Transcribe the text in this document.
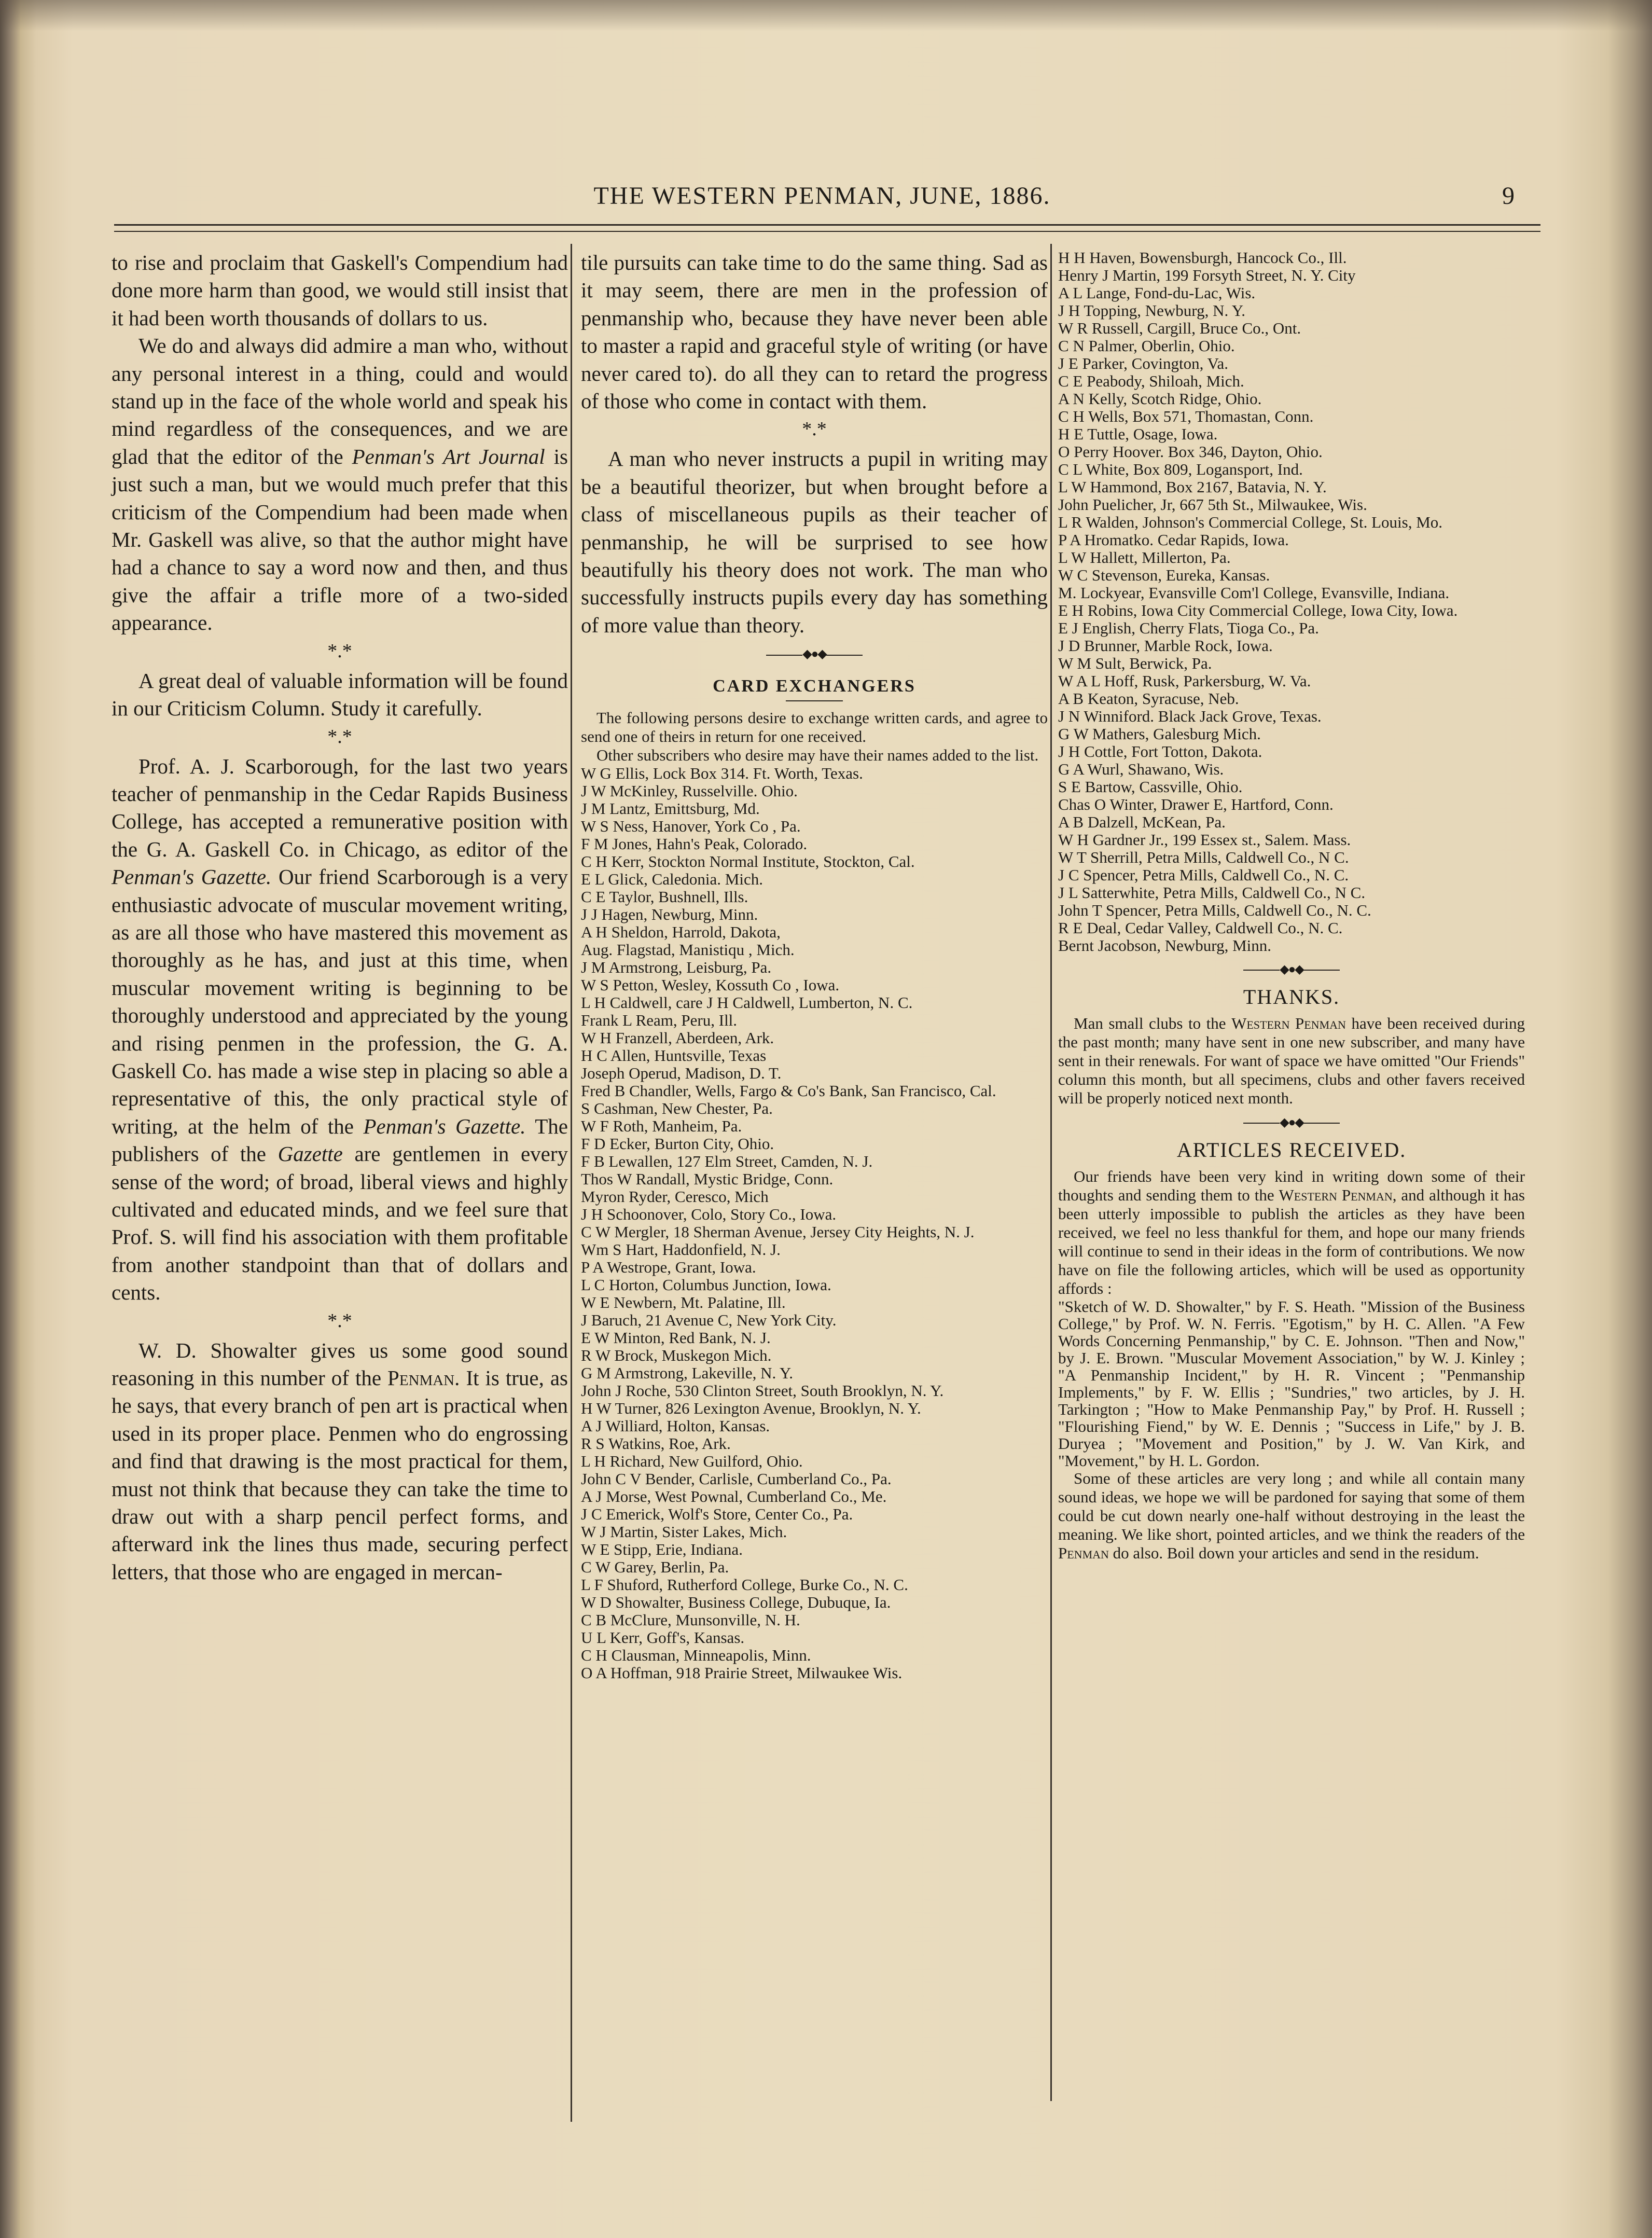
THE WESTERN PENMAN, JUNE, 1886.	9

to rise and proclaim that Gaskell's Compendium had done more harm than good, we would still insist that it had been worth thousands of dollars to us.

We do and always did admire a man who, without any personal interest in a thing, could and would stand up in the face of the whole world and speak his mind regardless of the consequences, and we are glad that the editor of the Penman's Art Journal is just such a man, but we would much prefer that this criticism of the Compendium had been made when Mr. Gaskell was alive, so that the author might have had a chance to say a word now and then, and thus give the affair a trifle more of a two-sided appearance.

*.*

A great deal of valuable information will be found in our Criticism Column. Study it carefully.

*.*

Prof. A. J. Scarborough, for the last two years teacher of penmanship in the Cedar Rapids Business College, has accepted a remunerative position with the G. A. Gaskell Co. in Chicago, as editor of the Penman's Gazette. Our friend Scarborough is a very enthusiastic advocate of muscular movement writing, as are all those who have mastered this movement as thoroughly as he has, and just at this time, when muscular movement writing is beginning to be thoroughly understood and appreciated by the young and rising penmen in the profession, the G. A. Gaskell Co. has made a wise step in placing so able a representative of this, the only practical style of writing, at the helm of the Penman's Gazette. The publishers of the Gazette are gentlemen in every sense of the word; of broad, liberal views and highly cultivated and educated minds, and we feel sure that Prof. S. will find his association with them profitable from another standpoint than that of dollars and cents.

*.*

W. D. Showalter gives us some good sound reasoning in this number of the Penman. It is true, as he says, that every branch of pen art is practical when used in its proper place. Penmen who do engrossing and find that drawing is the most practical for them, must not think that because they can take the time to draw out with a sharp pencil perfect forms, and afterward ink the lines thus made, securing perfect letters, that those who are engaged in mercan-

tile pursuits can take time to do the same thing. Sad as it may seem, there are men in the profession of penmanship who, because they have never been able to master a rapid and graceful style of writing (or have never cared to). do all they can to retard the progress of those who come in contact with them.

*.*

A man who never instructs a pupil in writing may be a beautiful theorizer, but when brought before a class of miscellaneous pupils as their teacher of penmanship, he will be surprised to see how beautifully his theory does not work. The man who successfully instructs pupils every day has something of more value than theory.

◆●◆
CARD EXCHANGERS

The following persons desire to exchange written cards, and agree to send one of theirs in return for one received.

Other subscribers who desire may have their names added to the list.

W G Ellis, Lock Box 314. Ft. Worth, Texas.

J W McKinley, Russelville. Ohio.

J M Lantz, Emittsburg, Md.

W S Ness, Hanover, York Co , Pa.

F M Jones, Hahn's Peak, Colorado.

C H Kerr, Stockton Normal Institute, Stockton, Cal.

E L Glick, Caledonia. Mich.

C E Taylor, Bushnell, Ills.

J J Hagen, Newburg, Minn.

A H Sheldon, Harrold, Dakota,

Aug. Flagstad, Manistiqu , Mich.

J M Armstrong, Leisburg, Pa.

W S Petton, Wesley, Kossuth Co , Iowa.

L H Caldwell, care J H Caldwell, Lumberton, N. C.

Frank L Ream, Peru, Ill.

W H Franzell, Aberdeen, Ark.

H C Allen, Huntsville, Texas

Joseph Operud, Madison, D. T.

Fred B Chandler, Wells, Fargo & Co's Bank, San Francisco, Cal.

S Cashman, New Chester, Pa.

W F Roth, Manheim, Pa.

F D Ecker, Burton City, Ohio.

F B Lewallen, 127 Elm Street, Camden, N. J.

Thos W Randall, Mystic Bridge, Conn.

Myron Ryder, Ceresco, Mich

J H Schoonover, Colo, Story Co., Iowa.

C W Mergler, 18 Sherman Avenue, Jersey City Heights, N. J.

Wm S Hart, Haddonfield, N. J.

P A Westrope, Grant, Iowa.

L C Horton, Columbus Junction, Iowa.

W E Newbern, Mt. Palatine, Ill.

J Baruch, 21 Avenue C, New York City.

E W Minton, Red Bank, N. J.

R W Brock, Muskegon Mich.

G M Armstrong, Lakeville, N. Y.

John J Roche, 530 Clinton Street, South Brooklyn, N. Y.

H W Turner, 826 Lexington Avenue, Brooklyn, N. Y.

A J Williard, Holton, Kansas.

R S Watkins, Roe, Ark.

L H Richard, New Guilford, Ohio.

John C V Bender, Carlisle, Cumberland Co., Pa.

A J Morse, West Pownal, Cumberland Co., Me.

J C Emerick, Wolf's Store, Center Co., Pa.

W J Martin, Sister Lakes, Mich.

W E Stipp, Erie, Indiana.

C W Garey, Berlin, Pa.

L F Shuford, Rutherford College, Burke Co., N. C.

W D Showalter, Business College, Dubuque, Ia.

C B McClure, Munsonville, N. H.

U L Kerr, Goff's, Kansas.

C H Clausman, Minneapolis, Minn.

O A Hoffman, 918 Prairie Street, Milwaukee Wis.

H H Haven, Bowensburgh, Hancock Co., Ill.

Henry J Martin, 199 Forsyth Street, N. Y. City

A L Lange, Fond-du-Lac, Wis.

J H Topping, Newburg, N. Y.

W R Russell, Cargill, Bruce Co., Ont.

C N Palmer, Oberlin, Ohio.

J E Parker, Covington, Va.

C E Peabody, Shiloah, Mich.

A N Kelly, Scotch Ridge, Ohio.

C H Wells, Box 571, Thomastan, Conn.

H E Tuttle, Osage, Iowa.

O Perry Hoover. Box 346, Dayton, Ohio.

C L White, Box 809, Logansport, Ind.

L W Hammond, Box 2167, Batavia, N. Y.

John Puelicher, Jr, 667 5th St., Milwaukee, Wis.

L R Walden, Johnson's Commercial College, St. Louis, Mo.

P A Hromatko. Cedar Rapids, Iowa.

L W Hallett, Millerton, Pa.

W C Stevenson, Eureka, Kansas.

M. Lockyear, Evansville Com'l College, Evansville, Indiana.

E H Robins, Iowa City Commercial College, Iowa City, Iowa.

E J English, Cherry Flats, Tioga Co., Pa.

J D Brunner, Marble Rock, Iowa.

W M Sult, Berwick, Pa.

W A L Hoff, Rusk, Parkersburg, W. Va.

A B Keaton, Syracuse, Neb.

J N Winniford. Black Jack Grove, Texas.

G W Mathers, Galesburg Mich.

J H Cottle, Fort Totton, Dakota.

G A Wurl, Shawano, Wis.

S E Bartow, Cassville, Ohio.

Chas O Winter, Drawer E, Hartford, Conn.

A B Dalzell, McKean, Pa.

W H Gardner Jr., 199 Essex st., Salem. Mass.

W T Sherrill, Petra Mills, Caldwell Co., N C.

J C Spencer, Petra Mills, Caldwell Co., N. C.

J L Satterwhite, Petra Mills, Caldwell Co., N C.

John T Spencer, Petra Mills, Caldwell Co., N. C.

R E Deal, Cedar Valley, Caldwell Co., N. C.

Bernt Jacobson, Newburg, Minn.

◆●◆
THANKS.

Man small clubs to the Western Penman have been received during the past month; many have sent in one new subscriber, and many have sent in their renewals. For want of space we have omitted "Our Friends" column this month, but all specimens, clubs and other favers received will be properly noticed next month.

◆●◆
ARTICLES RECEIVED.

Our friends have been very kind in writing down some of their thoughts and sending them to the Western Penman, and although it has been utterly impossible to publish the articles as they have been received, we feel no less thankful for them, and hope our many friends will continue to send in their ideas in the form of contributions. We now have on file the following articles, which will be used as opportunity affords :

"Sketch of W. D. Showalter," by F. S. Heath. "Mission of the Business College," by Prof. W. N. Ferris. "Egotism," by H. C. Allen. "A Few Words Concerning Penmanship," by C. E. Johnson. "Then and Now," by J. E. Brown. "Muscular Movement Association," by W. J. Kinley ; "A Penmanship Incident," by H. R. Vincent ; "Penmanship Implements," by F. W. Ellis ; "Sundries," two articles, by J. H. Tarkington ; "How to Make Penmanship Pay," by Prof. H. Russell ; "Flourishing Fiend," by W. E. Dennis ; "Success in Life," by J. B. Duryea ; "Movement and Position," by J. W. Van Kirk, and "Movement," by H. L. Gordon.

Some of these articles are very long ; and while all contain many sound ideas, we hope we will be pardoned for saying that some of them could be cut down nearly one-half without destroying in the least the meaning. We like short, pointed articles, and we think the readers of the Penman do also. Boil down your articles and send in the residum.
